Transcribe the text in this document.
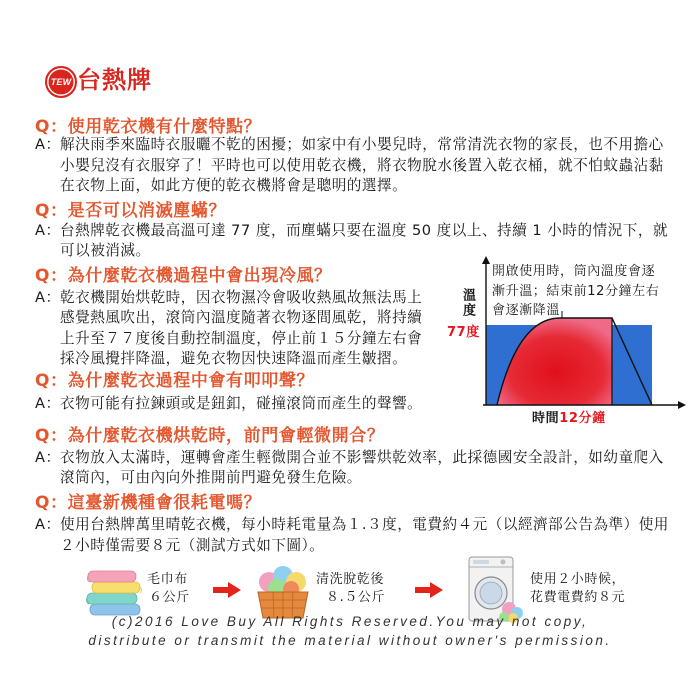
TEW 台熱牌
Q：使用乾衣機有什麼特點？
A：解決雨季來臨時衣服曬不乾的困擾；如家中有小嬰兒時，常常清洗衣物的家長，也不用擔心
小嬰兒沒有衣服穿了！平時也可以使用乾衣機，將衣物脫水後置入乾衣桶，就不怕蚊蟲沾黏
在衣物上面，如此方便的乾衣機將會是聰明的選擇。
Q：是否可以消滅塵蟎？
A：台熱牌乾衣機最高溫可達 77 度，而塵蟎只要在溫度 50 度以上、持續 1 小時的情況下，就
可以被消滅。
Q：為什麼乾衣機過程中會出現冷風？
A：乾衣機開始烘乾時，因衣物濕冷會吸收熱風故無法馬上
感覺熱風吹出，滾筒內溫度隨著衣物逐間風乾，將持續
上升至７７度後自動控制溫度，停止前１５分鐘左右會
採冷風攪拌降溫，避免衣物因快速降溫而產生皺摺。
溫度
77度
開啟使用時，筒內溫度會逐
漸升溫；結束前12分鐘左右
會逐漸降溫
時間12分鐘
Q：為什麼乾衣過程中會有叩叩聲？
A：衣物可能有拉鍊頭或是鈕釦，碰撞滾筒而產生的聲響。
Q：為什麼乾衣機烘乾時，前門會輕微開合？
A：衣物放入太滿時，運轉會產生輕微開合並不影響烘乾效率，此採德國安全設計，如幼童爬入
滾筒內，可由內向外推開前門避免發生危險。
Q：這臺新機種會很耗電嗎？
A：使用台熱牌萬里晴乾衣機，每小時耗電量為１.３度，電費約４元（以經濟部公告為準）使用
２小時僅需要８元（測試方式如下圖）。
毛巾布
６公斤
清洗脫乾後
８.５公斤
使用２小時候，
花費電費約８元
(c)2016 Love Buy All Rights Reserved.You may not copy,
distribute or transmit the material without owner's permission.
